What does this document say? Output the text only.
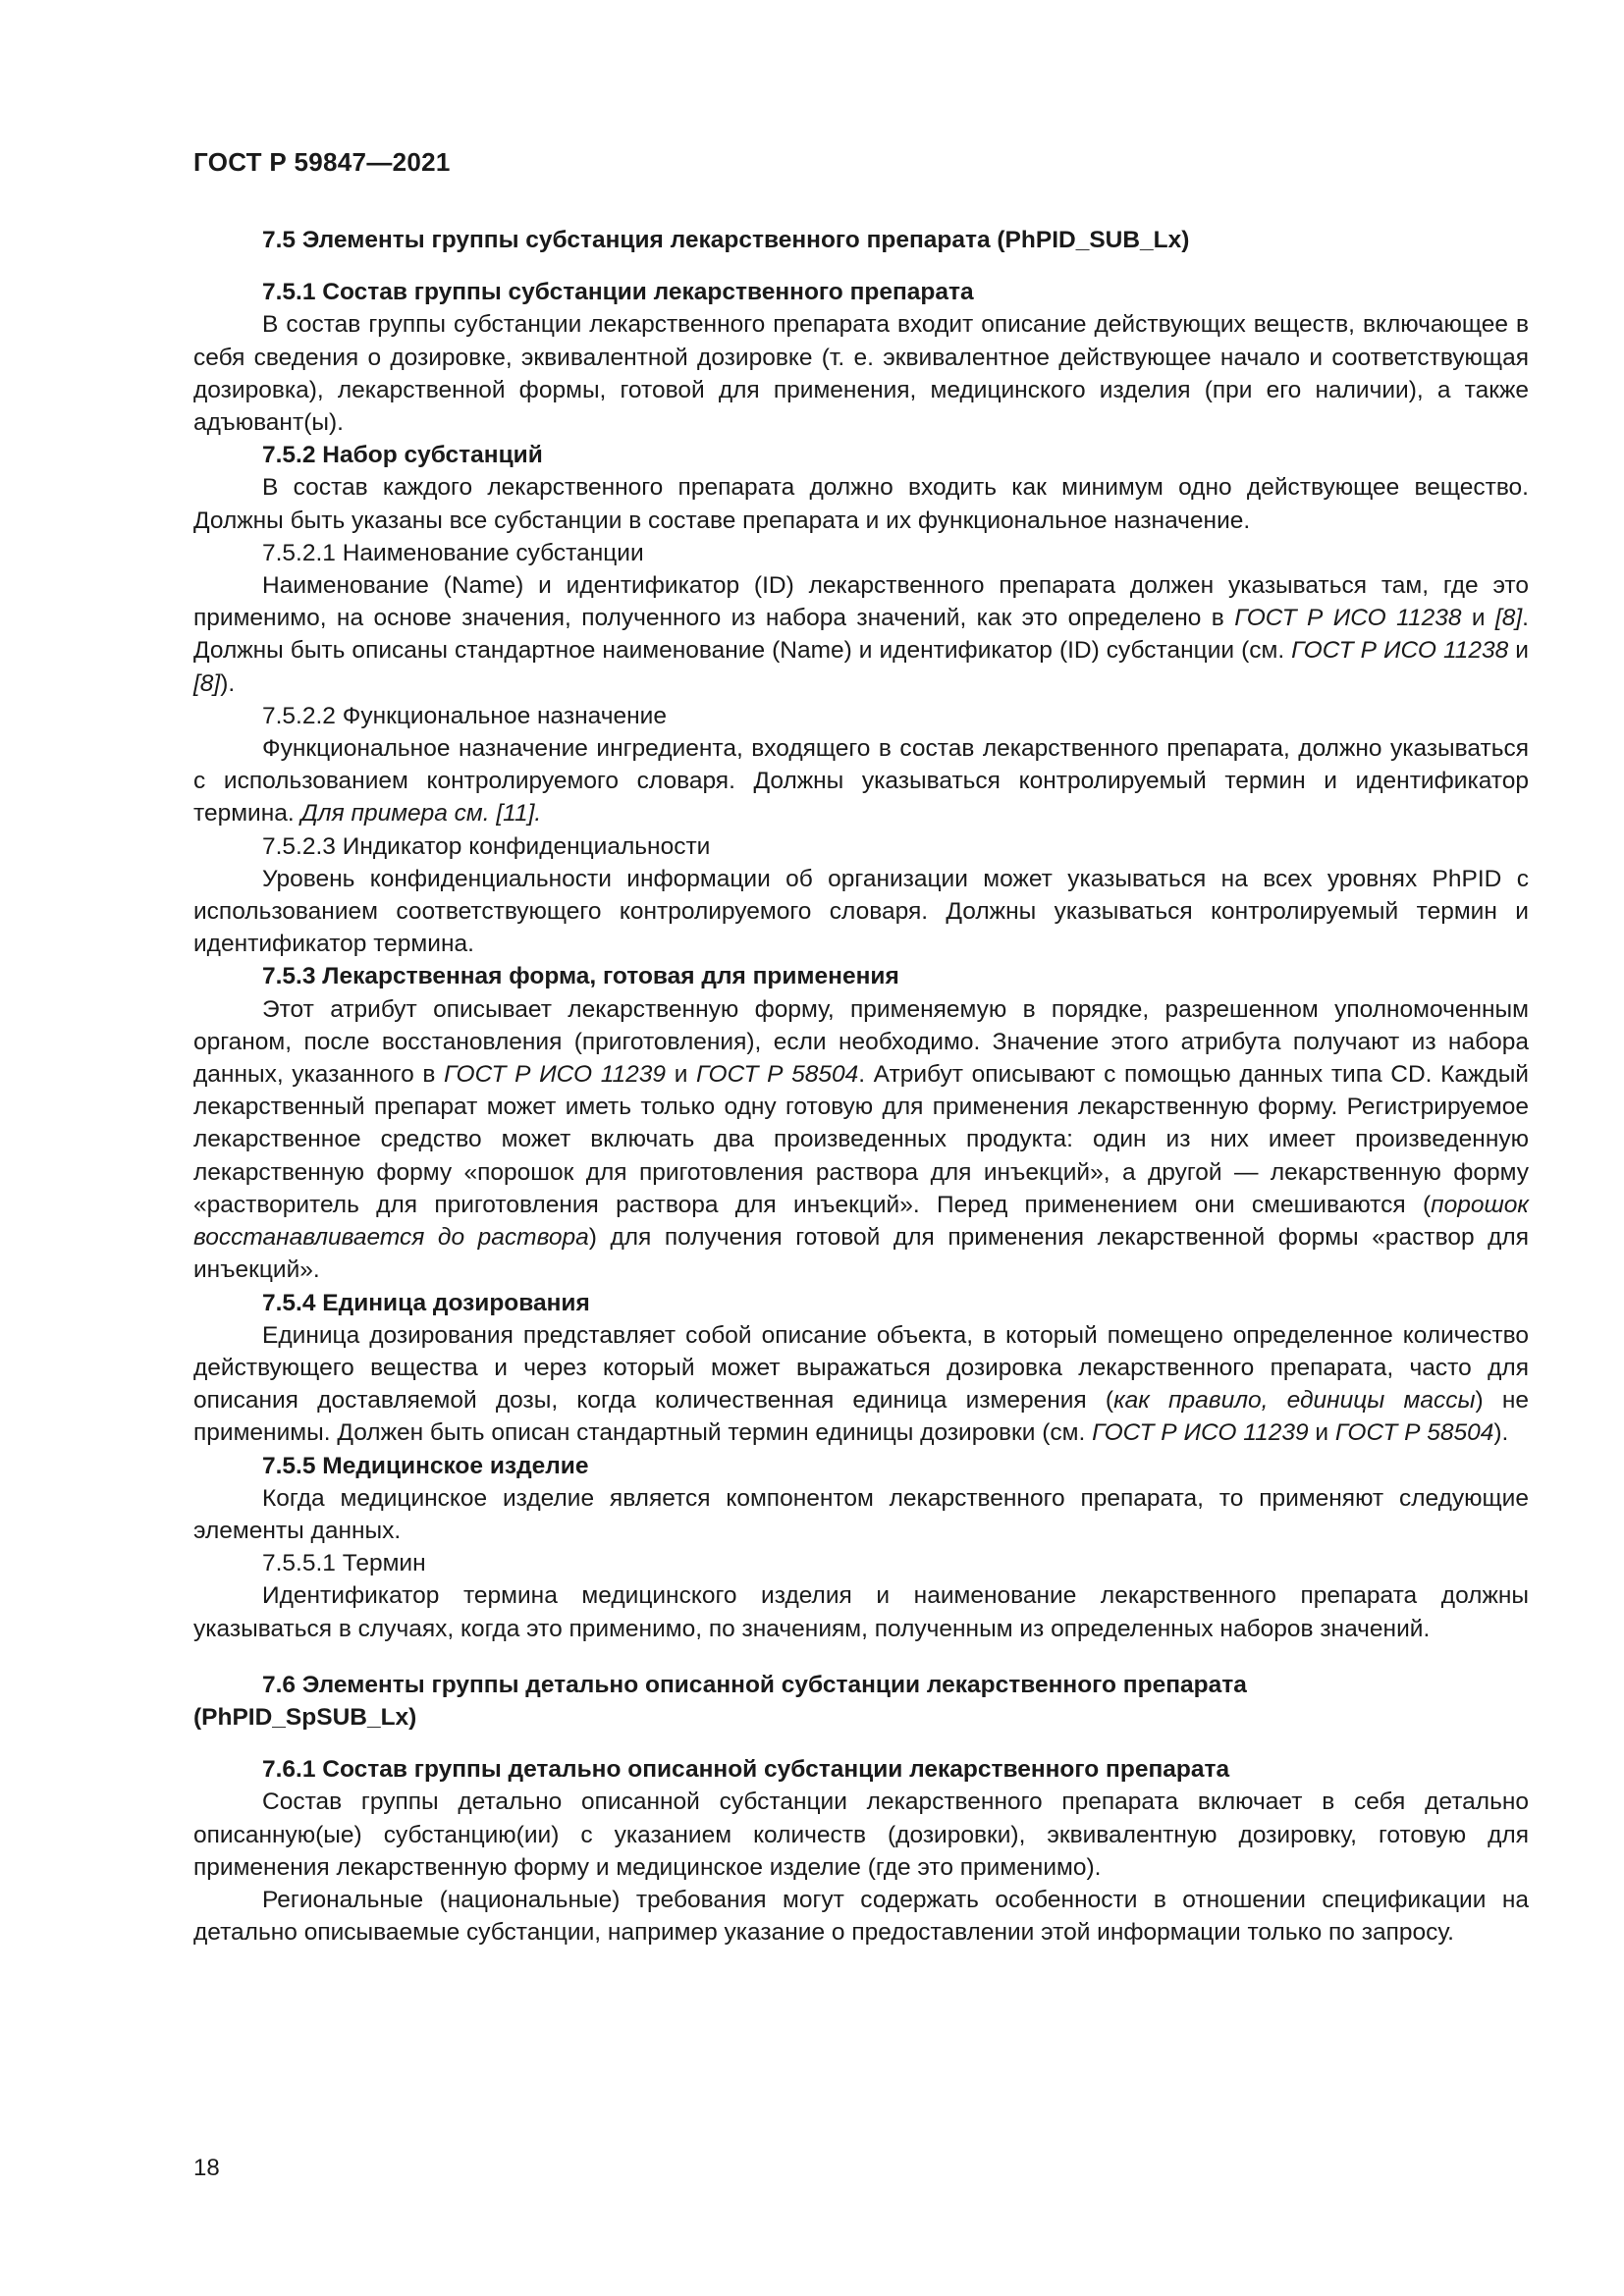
ГОСТ Р 59847—2021

7.5 Элементы группы субстанция лекарственного препарата (PhPID_SUB_Lx)

7.5.1 Состав группы субстанции лекарственного препарата

В состав группы субстанции лекарственного препарата входит описание действующих веществ, включающее в себя сведения о дозировке, эквивалентной дозировке (т. е. эквивалентное действующее начало и соответствующая дозировка), лекарственной формы, готовой для применения, медицинского изделия (при его наличии), а также адъювант(ы).

7.5.2 Набор субстанций

В состав каждого лекарственного препарата должно входить как минимум одно действующее вещество. Должны быть указаны все субстанции в составе препарата и их функциональное назначение.

7.5.2.1 Наименование субстанции

Наименование (Name) и идентификатор (ID) лекарственного препарата должен указываться там, где это применимо, на основе значения, полученного из набора значений, как это определено в ГОСТ Р ИСО 11238 и [8]. Должны быть описаны стандартное наименование (Name) и идентификатор (ID) субстанции (см. ГОСТ Р ИСО 11238 и [8]).

7.5.2.2 Функциональное назначение

Функциональное назначение ингредиента, входящего в состав лекарственного препарата, должно указываться с использованием контролируемого словаря. Должны указываться контролируемый термин и идентификатор термина. Для примера см. [11].

7.5.2.3 Индикатор конфиденциальности

Уровень конфиденциальности информации об организации может указываться на всех уровнях PhPID с использованием соответствующего контролируемого словаря. Должны указываться контролируемый термин и идентификатор термина.

7.5.3 Лекарственная форма, готовая для применения

Этот атрибут описывает лекарственную форму, применяемую в порядке, разрешенном уполномоченным органом, после восстановления (приготовления), если необходимо. Значение этого атрибута получают из набора данных, указанного в ГОСТ Р ИСО 11239 и ГОСТ Р 58504. Атрибут описывают с помощью данных типа CD. Каждый лекарственный препарат может иметь только одну готовую для применения лекарственную форму. Регистрируемое лекарственное средство может включать два произведенных продукта: один из них имеет произведенную лекарственную форму «порошок для приготовления раствора для инъекций», а другой — лекарственную форму «растворитель для приготовления раствора для инъекций». Перед применением они смешиваются (порошок восстанавливается до раствора) для получения готовой для применения лекарственной формы «раствор для инъекций».

7.5.4 Единица дозирования

Единица дозирования представляет собой описание объекта, в который помещено определенное количество действующего вещества и через который может выражаться дозировка лекарственного препарата, часто для описания доставляемой дозы, когда количественная единица измерения (как правило, единицы массы) не применимы. Должен быть описан стандартный термин единицы дозировки (см. ГОСТ Р ИСО 11239 и ГОСТ Р 58504).

7.5.5 Медицинское изделие

Когда медицинское изделие является компонентом лекарственного препарата, то применяют следующие элементы данных.

7.5.5.1 Термин

Идентификатор термина медицинского изделия и наименование лекарственного препарата должны указываться в случаях, когда это применимо, по значениям, полученным из определенных наборов значений.

7.6 Элементы группы детально описанной субстанции лекарственного препарата

(PhPID_SpSUB_Lx)

7.6.1 Состав группы детально описанной субстанции лекарственного препарата

Состав группы детально описанной субстанции лекарственного препарата включает в себя детально описанную(ые) субстанцию(ии) с указанием количеств (дозировки), эквивалентную дозировку, готовую для применения лекарственную форму и медицинское изделие (где это применимо).

Региональные (национальные) требования могут содержать особенности в отношении спецификации на детально описываемые субстанции, например указание о предоставлении этой информации только по запросу.

18
